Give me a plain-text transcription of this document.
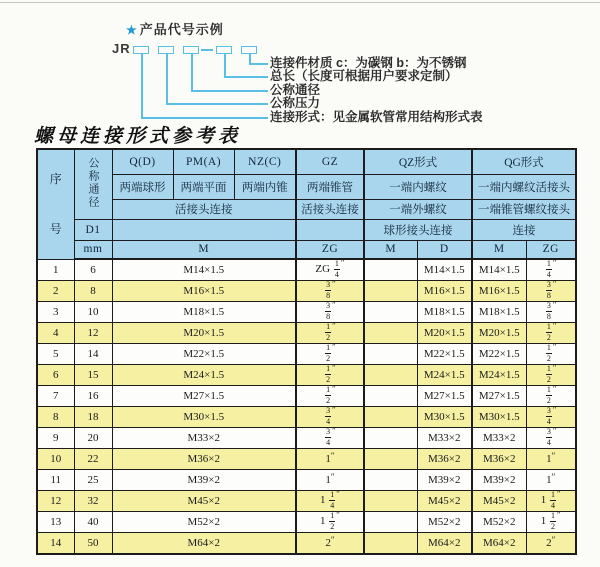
★ 产品代号示例
JR
连接件材质 c：为碳钢 b：为不锈钢
总长（长度可根据用户要求定制）
公称通径
公称压力
连接形式：见金属软管常用结构形式表
螺母连接形式参考表
序
号	公称通径	Q(D)	PM(A)	NZ(C)	GZ	QZ形式		QG形式	
		两端球形	两端平面	两端内锥	两端锥管	一端内螺纹		一端内螺纹活接头	
		活接头连接			活接头连接	一端外螺纹		一端锥管螺纹接头	
	D1					球形接头连接		连接	
	mm	M			ZG	M	D	M	ZG
1	6	M14×1.5			ZG $\frac{1}{4} ''$		M14×1.5	M14×1.5	$\frac{1}{4} ''$
2	8	M16×1.5			$\frac{3}{8} ''$		M16×1.5	M16×1.5	$\frac{3}{8} ''$
3	10	M18×1.5			$\frac{3}{8} ''$		M18×1.5	M18×1.5	$\frac{3}{8} ''$
4	12	M20×1.5			$\frac{1}{2} ''$		M20×1.5	M20×1.5	$\frac{1}{2} ''$
5	14	M22×1.5			$\frac{1}{2} ''$		M22×1.5	M22×1.5	$\frac{1}{2} ''$
6	15	M24×1.5			$\frac{1}{2} ''$		M24×1.5	M24×1.5	$\frac{1}{2} ''$
7	16	M27×1.5			$\frac{1}{2} ''$		M27×1.5	M27×1.5	$\frac{1}{2} ''$
8	18	M30×1.5			$\frac{3}{4} ''$		M30×1.5	M30×1.5	$\frac{3}{4} ''$
9	20	M33×2			$\frac{3}{4} ''$		M33×2	M33×2	$\frac{3}{4} ''$
10	22	M36×2			1″		M36×2	M36×2	1″
11	25	M39×2			1″		M39×2	M39×2	1″
12	32	M45×2			$1 \frac{1}{4} ''$		M45×2	M45×2	$1 \frac{1}{4} ''$
13	40	M52×2			$1 \frac{1}{2} ''$		M52×2	M52×2	$1 \frac{1}{2} ''$
14	50	M64×2			2″		M64×2	M64×2	2″
